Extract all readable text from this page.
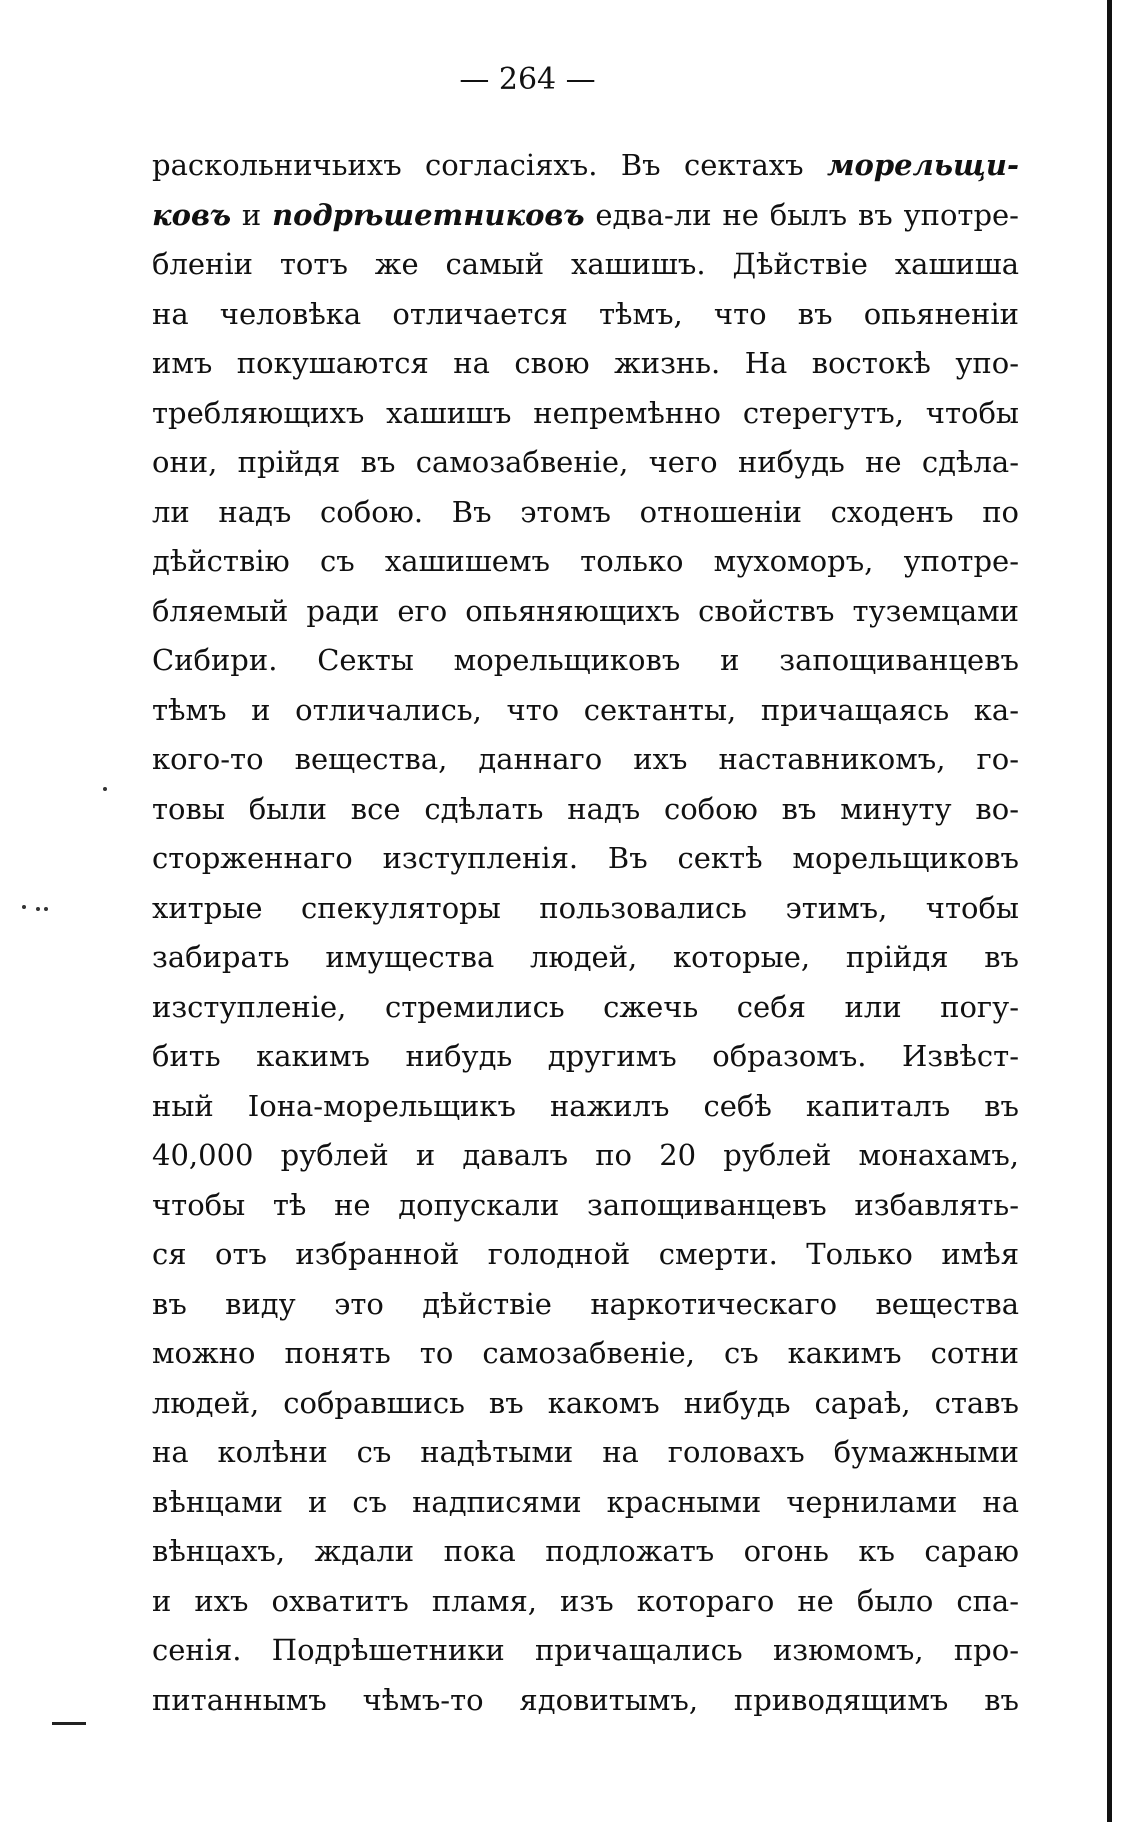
— 264 —
раскольничьихъ согласіяхъ. Въ сектахъ морельщи-
ковъ и подрѣшетниковъ едва-ли не былъ въ употре-
бленіи тотъ же самый хашишъ. Дѣйствіе хашиша
на человѣка отличается тѣмъ, что въ опьяненіи
имъ покушаются на свою жизнь. На востокѣ упо-
требляющихъ хашишъ непремѣнно стерегутъ, чтобы
они, прійдя въ самозабвеніе, чего нибудь не сдѣла-
ли надъ собою. Въ этомъ отношеніи сходенъ по
дѣйствію съ хашишемъ только мухоморъ, употре-
бляемый ради его опьяняющихъ свойствъ туземцами
Сибири. Секты морельщиковъ и запощиванцевъ
тѣмъ и отличались, что сектанты, причащаясь ка-
кого-то вещества, даннаго ихъ наставникомъ, го-
товы были все сдѣлать надъ собою въ минуту во-
сторженнаго изступленія. Въ сектѣ морельщиковъ
хитрые спекуляторы пользовались этимъ, чтобы
забирать имущества людей, которые, прійдя въ
изступленіе, стремились сжечь себя или погу-
бить какимъ нибудь другимъ образомъ. Извѣст-
ный Іона-морельщикъ нажилъ себѣ капиталъ въ
40,000 рублей и давалъ по 20 рублей монахамъ,
чтобы тѣ не допускали запощиванцевъ избавлять-
ся отъ избранной голодной смерти. Только имѣя
въ виду это дѣйствіе наркотическаго вещества
можно понять то самозабвеніе, съ какимъ сотни
людей, собравшись въ какомъ нибудь сараѣ, ставъ
на колѣни съ надѣтыми на головахъ бумажными
вѣнцами и съ надписями красными чернилами на
вѣнцахъ, ждали пока подложатъ огонь къ сараю
и ихъ охватитъ пламя, изъ котораго не было спа-
сенія. Подрѣшетники причащались изюмомъ, про-
питаннымъ чѣмъ-то ядовитымъ, приводящимъ въ
